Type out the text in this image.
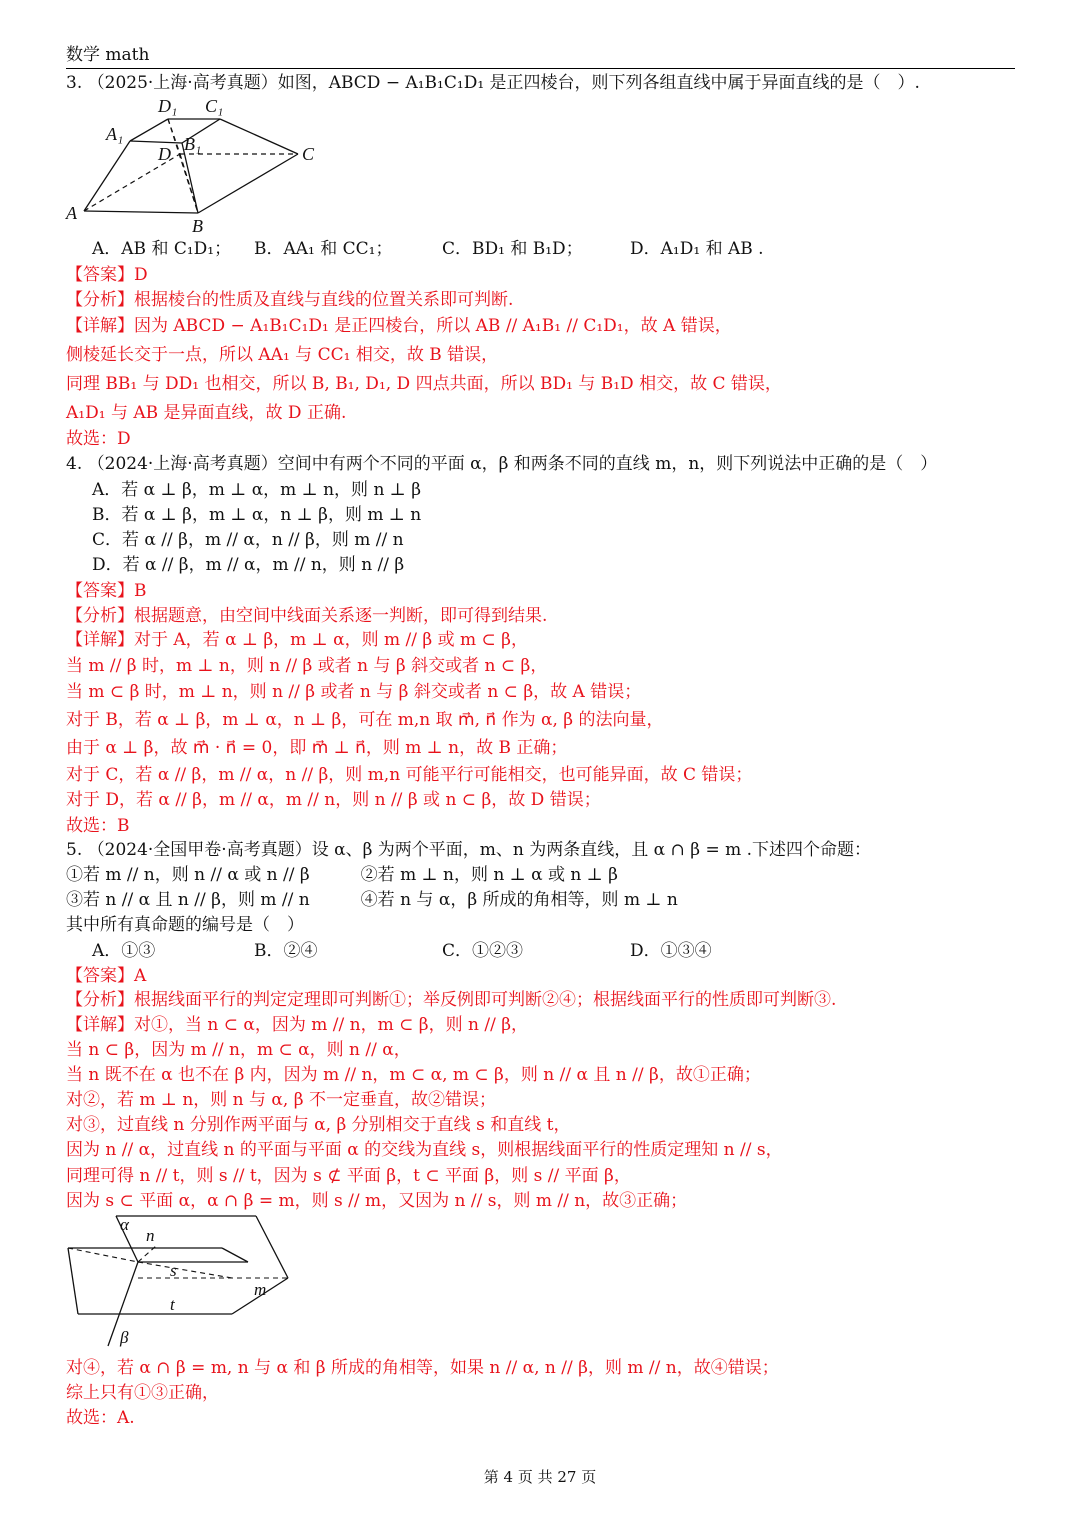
数学 math
3. （2025·上海·高考真题）如图，ABCD − A₁B₁C₁D₁ 是正四棱台，则下列各组直线中属于异面直线的是（　）.
D₁ C₁
A₁
D B₁	C
A
B
A．AB 和 C₁D₁； B．AA₁ 和 CC₁；	C．BD₁ 和 B₁D；	D．A₁D₁ 和 AB .
【答案】D
【分析】根据棱台的性质及直线与直线的位置关系即可判断.
【详解】因为 ABCD − A₁B₁C₁D₁ 是正四棱台，所以 AB // A₁B₁ // C₁D₁，故 A 错误，
侧棱延长交于一点，所以 AA₁ 与 CC₁ 相交，故 B 错误，
同理 BB₁ 与 DD₁ 也相交，所以 B, B₁, D₁, D 四点共面，所以 BD₁ 与 B₁D 相交，故 C 错误，
A₁D₁ 与 AB 是异面直线，故 D 正确.
故选：D
4. （2024·上海·高考真题）空间中有两个不同的平面 α，β 和两条不同的直线 m，n，则下列说法中正确的是（　）
A．若 α ⊥ β，m ⊥ α，m ⊥ n，则 n ⊥ β
B．若 α ⊥ β，m ⊥ α，n ⊥ β，则 m ⊥ n
C．若 α // β，m // α，n // β，则 m // n
D．若 α // β，m // α，m // n，则 n // β
【答案】B
【分析】根据题意，由空间中线面关系逐一判断，即可得到结果.
【详解】对于 A，若 α ⊥ β，m ⊥ α，则 m // β 或 m ⊂ β，
当 m // β 时，m ⊥ n，则 n // β 或者 n 与 β 斜交或者 n ⊂ β，
当 m ⊂ β 时，m ⊥ n，则 n // β 或者 n 与 β 斜交或者 n ⊂ β，故 A 错误；
对于 B，若 α ⊥ β，m ⊥ α，n ⊥ β，可在 m,n 取 m⃗, n⃗ 作为 α, β 的法向量，
由于 α ⊥ β，故 m⃗ · n⃗ = 0，即 m⃗ ⊥ n⃗，则 m ⊥ n，故 B 正确；
对于 C，若 α // β，m // α，n // β，则 m,n 可能平行可能相交，也可能异面，故 C 错误；
对于 D，若 α // β，m // α，m // n，则 n // β 或 n ⊂ β，故 D 错误；
故选：B
5. （2024·全国甲卷·高考真题）设 α、β 为两个平面，m、n 为两条直线，且 α ∩ β = m .下述四个命题：
①若 m // n，则 n // α 或 n // β　　　②若 m ⊥ n，则 n ⊥ α 或 n ⊥ β
③若 n // α 且 n // β，则 m // n　　　④若 n 与 α，β 所成的角相等，则 m ⊥ n
其中所有真命题的编号是（　）
A．①③	B．②④	C．①②③	D．①③④
【答案】A
【分析】根据线面平行的判定定理即可判断①；举反例即可判断②④；根据线面平行的性质即可判断③.
【详解】对①，当 n ⊂ α，因为 m // n，m ⊂ β，则 n // β，
当 n ⊂ β，因为 m // n，m ⊂ α，则 n // α，
当 n 既不在 α 也不在 β 内，因为 m // n，m ⊂ α, m ⊂ β，则 n // α 且 n // β，故①正确；
对②，若 m ⊥ n，则 n 与 α, β 不一定垂直，故②错误；
对③，过直线 n 分别作两平面与 α, β 分别相交于直线 s 和直线 t，
因为 n // α，过直线 n 的平面与平面 α 的交线为直线 s，则根据线面平行的性质定理知 n // s，
同理可得 n // t，则 s // t，因为 s ⊄ 平面 β，t ⊂ 平面 β，则 s // 平面 β，
因为 s ⊂ 平面 α，α ∩ β = m，则 s // m，又因为 n // s，则 m // n，故③正确；
α
n
s
m
t
β
对④，若 α ∩ β = m, n 与 α 和 β 所成的角相等，如果 n // α, n // β，则 m // n，故④错误；
综上只有①③正确，
故选：A.
第 4 页 共 27 页
